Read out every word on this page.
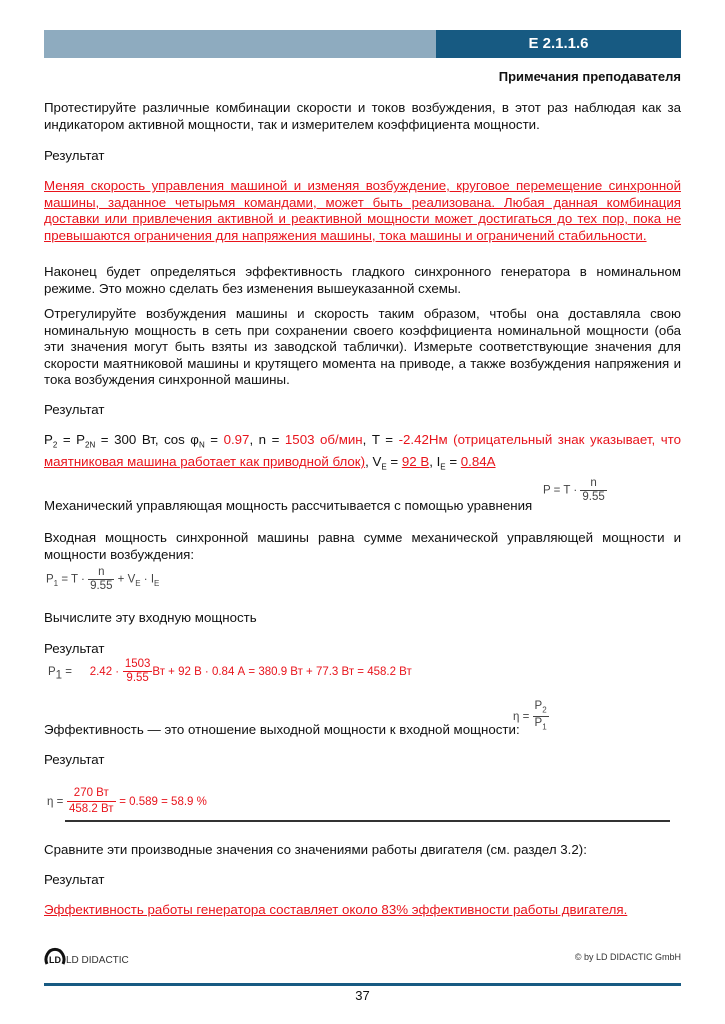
E 2.1.1.6
Примечания преподавателя
Протестируйте различные комбинации скорости и токов возбуждения, в этот раз наблюдая как за индикатором активной мощности, так и измерителем коэффициента мощности.
Результат
Меняя скорость управления машиной и изменяя возбуждение, круговое перемещение синхронной машины, заданное четырьмя командами, может быть реализована. Любая данная комбинация доставки или привлечения активной и реактивной мощности может достигаться до тех пор, пока не превышаются ограничения для напряжения машины, тока машины и ограничений стабильности.
Наконец будет определяться эффективность гладкого синхронного генератора в номинальном режиме. Это можно сделать без изменения вышеуказанной схемы.
Отрегулируйте возбуждения машины и скорость таким образом, чтобы она доставляла свою номинальную мощность в сеть при сохранении своего коэффициента номинальной мощности (оба эти значения могут быть взяты из заводской таблички). Измерьте соответствующие значения для скорости маятниковой машины и крутящего момента на приводе, а также возбуждения напряжения и тока возбуждения синхронной машины.
Результат
$P_2 = P_{2N} = 300$ Вт, $\cos \varphi_N = 0.97$, n = 1503 об/мин, T = -2.42Нм (отрицательный знак указывает, что маятниковая машина работает как приводной блок), $V_E = 92$ В, $I_E = 0.84A$
Механический управляющая мощность рассчитывается с помощью уравнения
$P = T \cdot \frac{n}{9.55}$
Входная мощность синхронной машины равна сумме механической управляющей мощности и мощности возбуждения:
$P_1 = T \cdot \frac{n}{9.55} + V_E \cdot I_E$
Вычислите эту входную мощность
Результат
$P_1 = 2.42 \cdot \frac{1503}{9.55}$ Вт + 92 В · 0.84 А = 380.9 Вт + 77.3 Вт = 458.2 Вт
Эффективность — это отношение выходной мощности к входной мощности:
$\eta = \frac{P_2}{P_1}$
Результат
$\eta = \frac{270 Вт}{458.2 Вт} = 0.589 = 58.9$ %
Сравните эти производные значения со значениями работы двигателя (см. раздел 3.2):
Результат
Эффективность работы генератора составляет около 83% эффективности работы двигателя.
LD LD DIDACTIC	© by LD DIDACTIC GmbH
37
